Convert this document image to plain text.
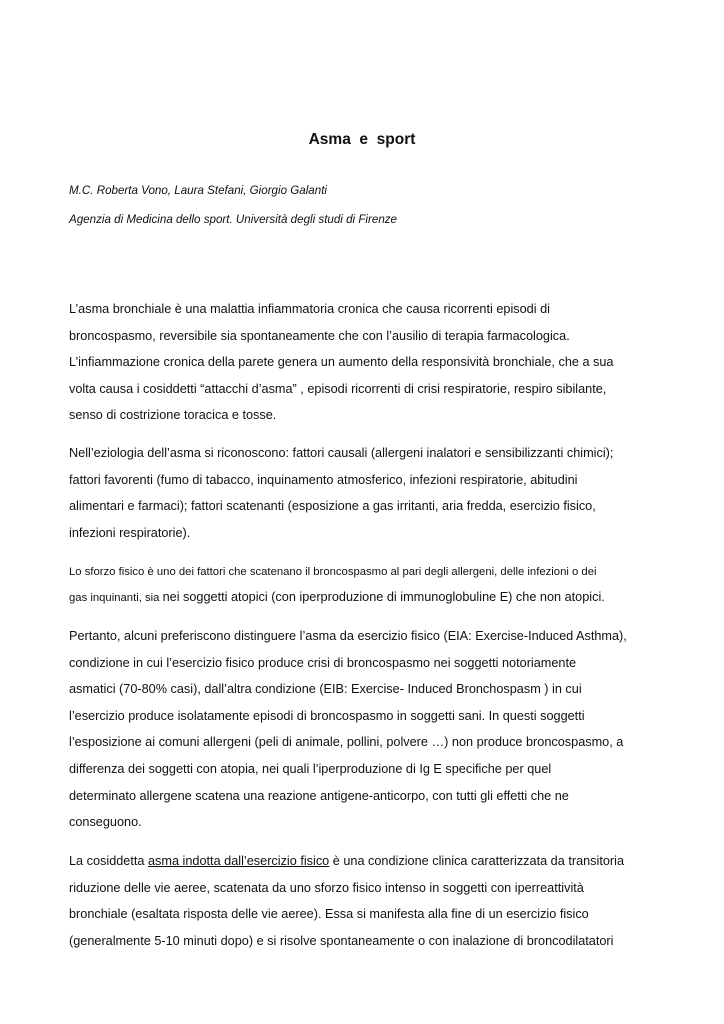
Asma  e  sport
M.C. Roberta Vono, Laura Stefani, Giorgio Galanti
Agenzia di Medicina dello sport. Università degli studi di Firenze
L’asma bronchiale è una malattia infiammatoria cronica che causa ricorrenti episodi di
broncospasmo, reversibile sia spontaneamente che con l’ausilio di terapia farmacologica.
L’infiammazione cronica della parete genera un aumento della responsività bronchiale, che a sua
volta causa i cosiddetti “attacchi d’asma” , episodi ricorrenti di crisi respiratorie, respiro sibilante,
senso di costrizione toracica e tosse.
Nell’eziologia dell’asma si riconoscono: fattori causali (allergeni inalatori e sensibilizzanti chimici);
fattori favorenti (fumo di tabacco, inquinamento atmosferico, infezioni respiratorie, abitudini
alimentari e farmaci); fattori scatenanti (esposizione a gas irritanti, aria fredda, esercizio fisico,
infezioni respiratorie).
Lo sforzo fisico è uno dei fattori che scatenano il broncospasmo al pari degli allergeni, delle infezioni o dei
gas inquinanti, sia nei soggetti atopici (con iperproduzione di immunoglobuline E) che non atopici.
Pertanto, alcuni preferiscono distinguere l’asma da esercizio fisico (EIA: Exercise-Induced Asthma),
condizione in cui l’esercizio fisico produce crisi di broncospasmo nei soggetti notoriamente
asmatici (70-80% casi), dall’altra condizione (EIB: Exercise- Induced Bronchospasm ) in cui
l’esercizio produce isolatamente episodi di broncospasmo in soggetti sani. In questi soggetti
l’esposizione ai comuni allergeni (peli di animale, pollini, polvere …) non produce broncospasmo, a
differenza dei soggetti con atopia, nei quali l’iperproduzione di Ig E specifiche per quel
determinato allergene scatena una reazione antigene-anticorpo, con tutti gli effetti che ne
conseguono.
La cosiddetta asma indotta dall’esercizio fisico è una condizione clinica caratterizzata da transitoria
riduzione delle vie aeree, scatenata da uno sforzo fisico intenso in soggetti con iperreattività
bronchiale (esaltata risposta delle vie aeree). Essa si manifesta alla fine di un esercizio fisico
(generalmente 5-10 minuti dopo) e si risolve spontaneamente o con inalazione di broncodilatatori
